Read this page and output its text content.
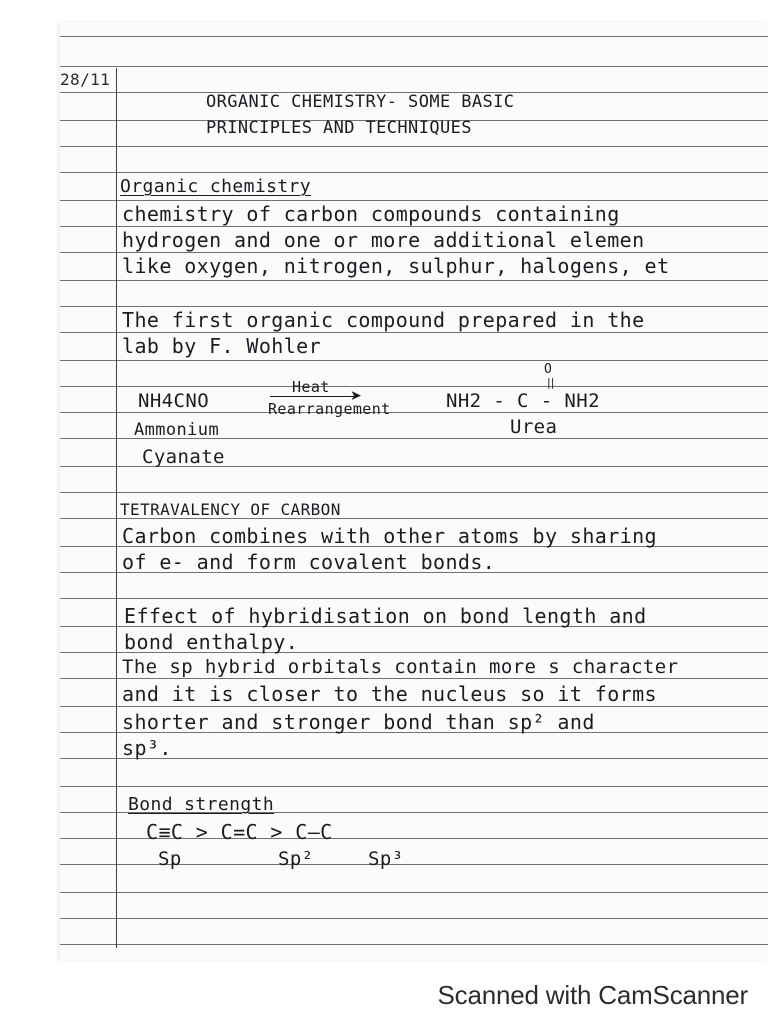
28/11
ORGANIC CHEMISTRY- SOME BASIC
PRINCIPLES AND TECHNIQUES
Organic chemistry
chemistry of carbon compounds containing
hydrogen and one or more additional elemen
like oxygen, nitrogen, sulphur, halogens, et
The first organic compound prepared in the
lab by F. Wohler
NH4CNO
Ammonium
Cyanate
Heat ➤
Rearrangement
O
||
NH2 - C - NH2
Urea
TETRAVALENCY OF CARBON
Carbon combines with other atoms by sharing
of e- and form covalent bonds.
Effect of hybridisation on bond length and
bond enthalpy.
The sp hybrid orbitals contain more s character
and it is closer to the nucleus so it forms
shorter and stronger bond than sp² and
sp³.
Bond strength
C≡C > C=C > C–C
Sp	Sp²	Sp³
Scanned with CamScanner
